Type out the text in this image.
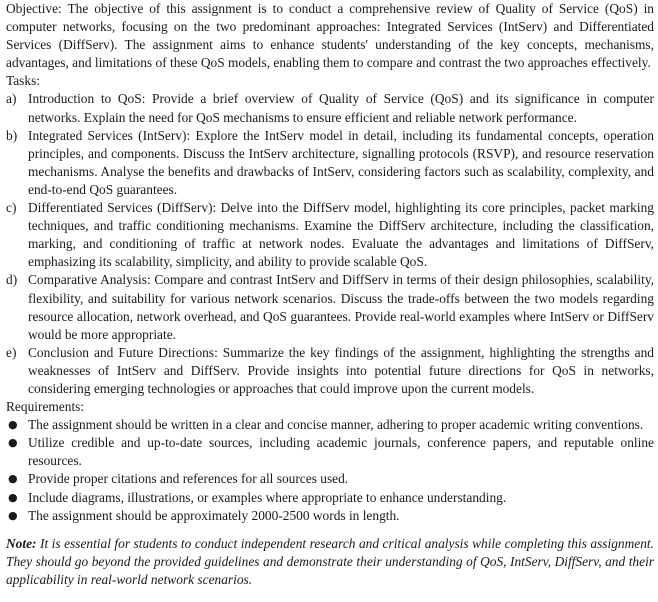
Objective: The objective of this assignment is to conduct a comprehensive review of Quality of Service (QoS) in computer networks, focusing on the two predominant approaches: Integrated Services (IntServ) and Differentiated Services (DiffServ). The assignment aims to enhance students' understanding of the key concepts, mechanisms, advantages, and limitations of these QoS models, enabling them to compare and contrast the two approaches effectively.

Tasks:

a) Introduction to QoS: Provide a brief overview of Quality of Service (QoS) and its significance in computer networks. Explain the need for QoS mechanisms to ensure efficient and reliable network performance.
b) Integrated Services (IntServ): Explore the IntServ model in detail, including its fundamental concepts, operation principles, and components. Discuss the IntServ architecture, signalling protocols (RSVP), and resource reservation mechanisms. Analyse the benefits and drawbacks of IntServ, considering factors such as scalability, complexity, and end-to-end QoS guarantees.
c) Differentiated Services (DiffServ): Delve into the DiffServ model, highlighting its core principles, packet marking techniques, and traffic conditioning mechanisms. Examine the DiffServ architecture, including the classification, marking, and conditioning of traffic at network nodes. Evaluate the advantages and limitations of DiffServ, emphasizing its scalability, simplicity, and ability to provide scalable QoS.
d) Comparative Analysis: Compare and contrast IntServ and DiffServ in terms of their design philosophies, scalability, flexibility, and suitability for various network scenarios. Discuss the trade-offs between the two models regarding resource allocation, network overhead, and QoS guarantees. Provide real-world examples where IntServ or DiffServ would be more appropriate.
e) Conclusion and Future Directions: Summarize the key findings of the assignment, highlighting the strengths and weaknesses of IntServ and DiffServ. Provide insights into potential future directions for QoS in networks, considering emerging technologies or approaches that could improve upon the current models.

Requirements:

● The assignment should be written in a clear and concise manner, adhering to proper academic writing conventions.
● Utilize credible and up-to-date sources, including academic journals, conference papers, and reputable online resources.
● Provide proper citations and references for all sources used.
● Include diagrams, illustrations, or examples where appropriate to enhance understanding.
● The assignment should be approximately 2000-2500 words in length.

Note: It is essential for students to conduct independent research and critical analysis while completing this assignment. They should go beyond the provided guidelines and demonstrate their understanding of QoS, IntServ, DiffServ, and their applicability in real-world network scenarios.
